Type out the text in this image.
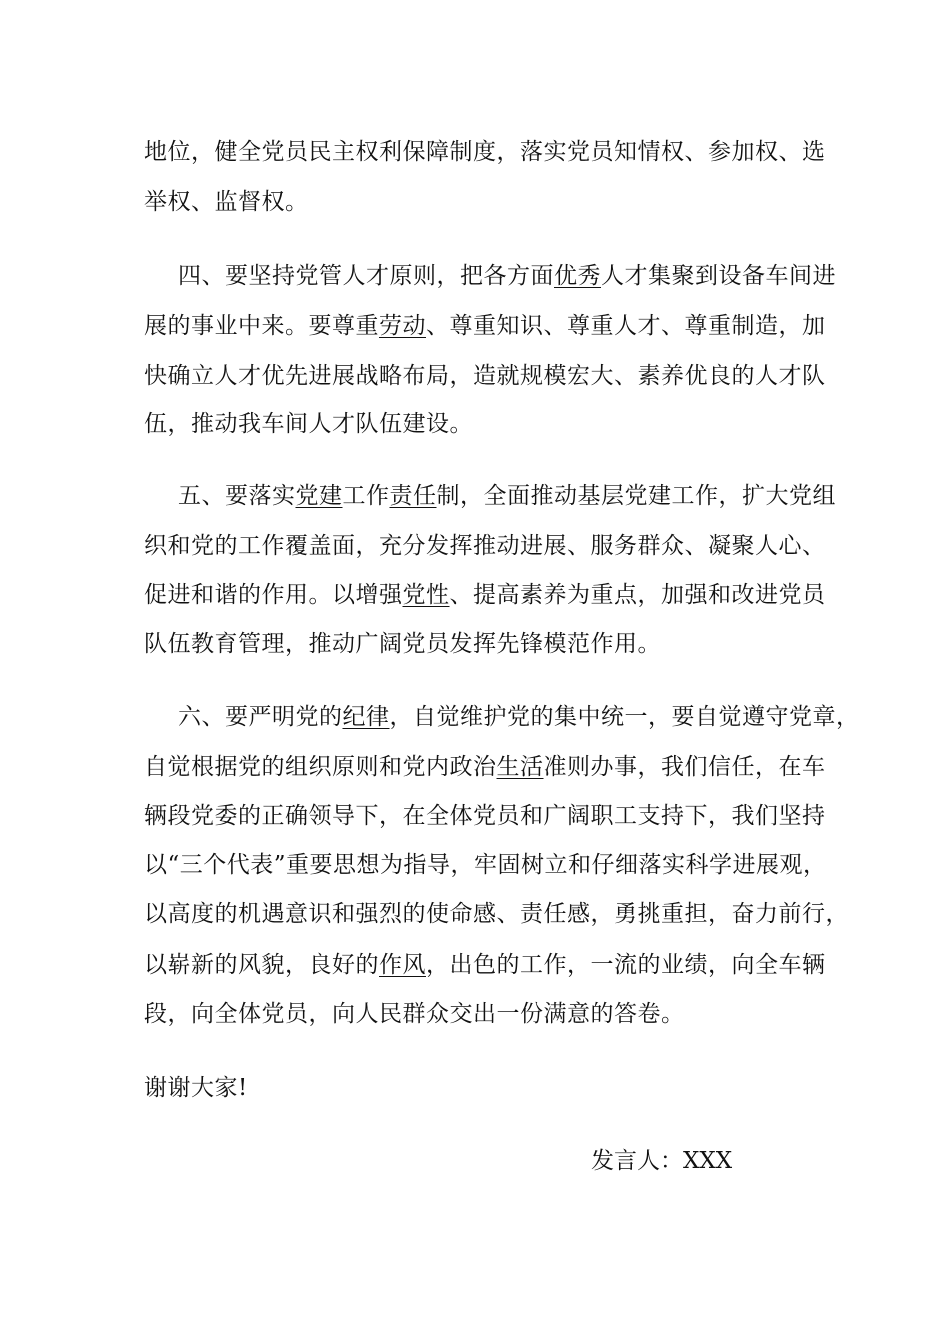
地位，健全党员民主权利保障制度，落实党员知情权、参加权、选
举权、监督权。
四、要坚持党管人才原则，把各方面优秀人才集聚到设备车间进
展的事业中来。要尊重劳动、尊重知识、尊重人才、尊重制造，加
快确立人才优先进展战略布局，造就规模宏大、素养优良的人才队
伍，推动我车间人才队伍建设。
五、要落实党建工作责任制，全面推动基层党建工作，扩大党组
织和党的工作覆盖面，充分发挥推动进展、服务群众、凝聚人心、
促进和谐的作用。以增强党性、提高素养为重点，加强和改进党员
队伍教育管理，推动广阔党员发挥先锋模范作用。
六、要严明党的纪律，自觉维护党的集中统一，要自觉遵守党章，
自觉根据党的组织原则和党内政治生活准则办事，我们信任，在车
辆段党委的正确领导下，在全体党员和广阔职工支持下，我们坚持
以“三个代表”重要思想为指导，牢固树立和仔细落实科学进展观，
以高度的机遇意识和强烈的使命感、责任感，勇挑重担，奋力前行，
以崭新的风貌，良好的作风，出色的工作，一流的业绩，向全车辆
段，向全体党员，向人民群众交出一份满意的答卷。
谢谢大家!
发言人：XXX
